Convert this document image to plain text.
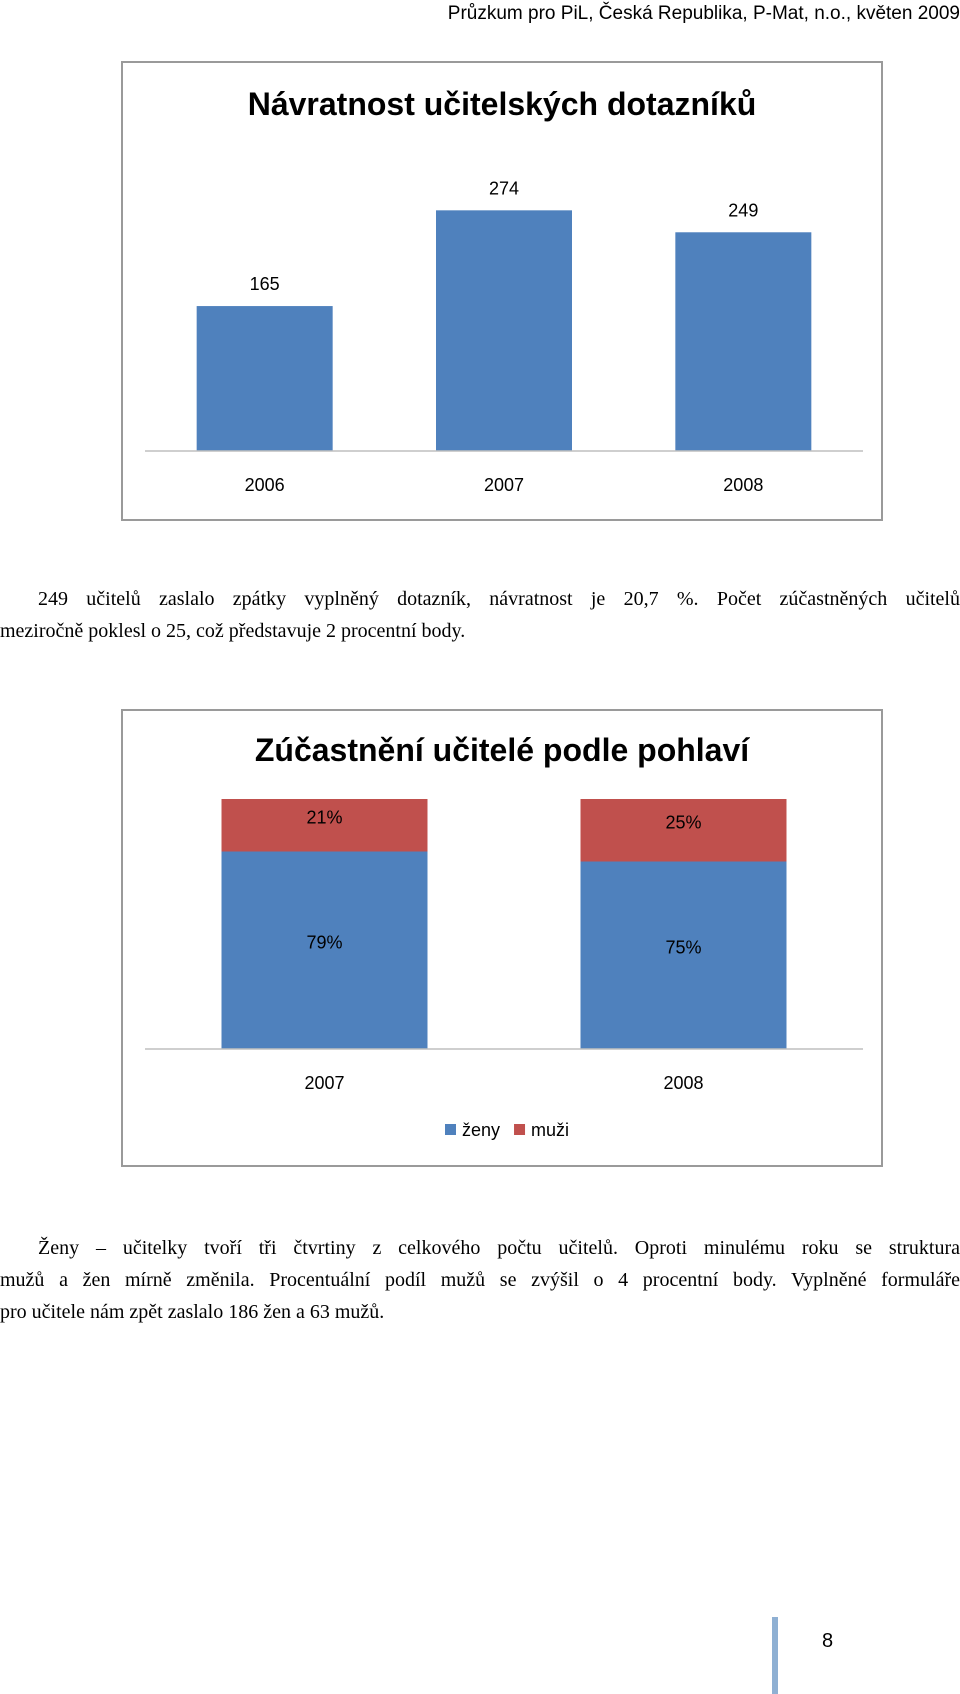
Průzkum pro PiL, Česká Republika, P-Mat, n.o., květen 2009
Návratnost učitelských dotazníků
165
2006
274
2007
249
2008

249 učitelů zaslalo zpátky vyplněný dotazník, návratnost je 20,7 %. Počet zúčastněných učitelů
meziročně poklesl o 25, což představuje 2 procentní body.

Zúčastnění učitelé podle pohlaví
79%
21%
2007
75%
25%
2008
ženy muži

Ženy – učitelky tvoří tři čtvrtiny z celkového počtu učitelů. Oproti minulému roku se struktura
mužů a žen mírně změnila. Procentuální podíl mužů se zvýšil o 4 procentní body. Vyplněné formuláře
pro učitele nám zpět zaslalo 186 žen a 63 mužů.

8
